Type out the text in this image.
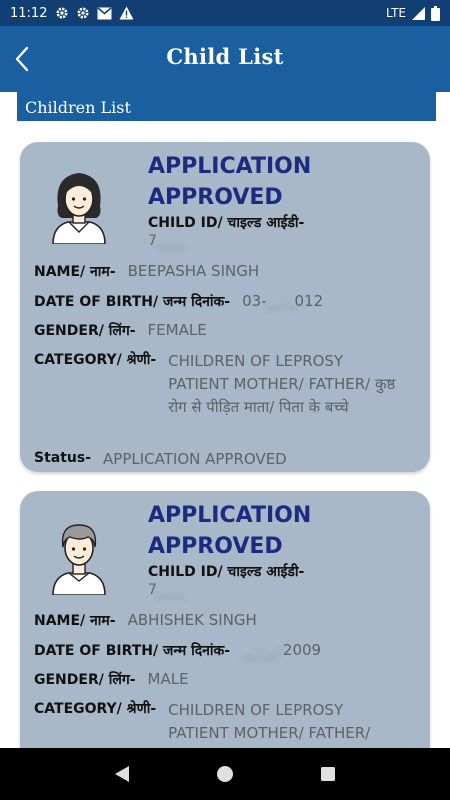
11:12	LTE
Child List
Children List
APPLICATION APPROVED
CHILD ID/ चाइल्ड आईडी-
7____
NAME/ नाम- BEEPASHA SINGH
DATE OF BIRTH/ जन्म दिनांक- 03-__-_012
GENDER/ लिंग- FEMALE
CATEGORY/ श्रेणी- CHILDREN OF LEPROSY PATIENT MOTHER/ FATHER/ कुष्ठ रोग से पीड़ित माता/ पिता के बच्चे
Status- APPLICATION APPROVED
APPLICATION APPROVED
CHILD ID/ चाइल्ड आईडी-
7____
NAME/ नाम- ABHISHEK SINGH
DATE OF BIRTH/ जन्म दिनांक- __-__-2009
GENDER/ लिंग- MALE
CATEGORY/ श्रेणी- CHILDREN OF LEPROSY PATIENT MOTHER/ FATHER/
